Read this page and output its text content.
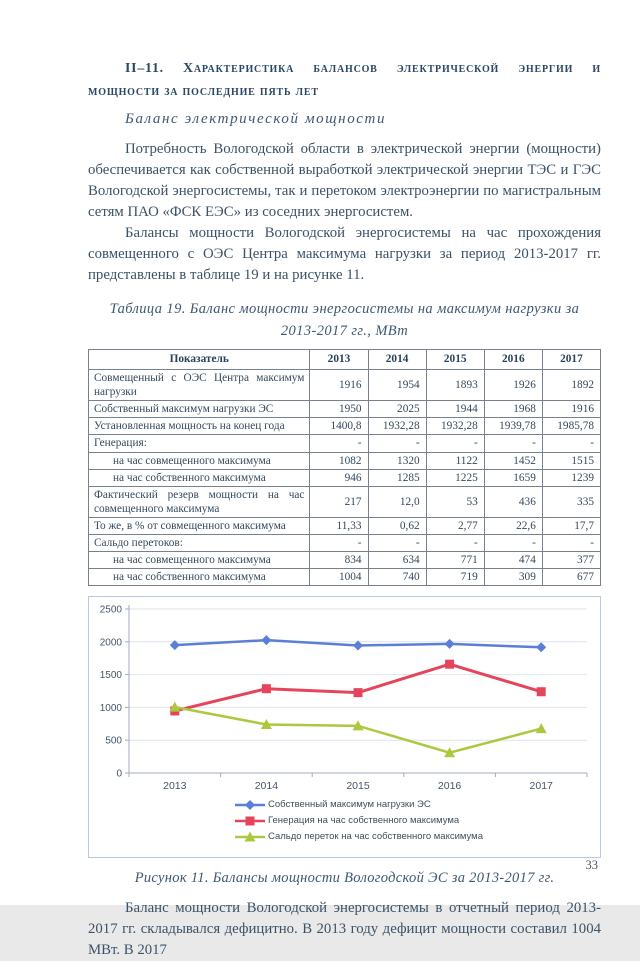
II–11. Характеристика балансов электрической энергии и мощности за последние пять лет
Баланс электрической мощности

Потребность Вологодской области в электрической энергии (мощности) обеспечивается как собственной выработкой электрической энергии ТЭС и ГЭС Вологодской энергосистемы, так и перетоком электроэнергии по магистральным сетям ПАО «ФСК ЕЭС» из соседних энергосистем.

Балансы мощности Вологодской энергосистемы на час прохождения совмещенного с ОЭС Центра максимума нагрузки за период 2013-2017 гг. представлены в таблице 19 и на рисунке 11.

Таблица 19. Баланс мощности энергосистемы на максимум нагрузки за 2013-2017 гг., МВт
Показатель	2013	2014	2015	2016	2017
Совмещенный с ОЭС Центра максимум нагрузки	1916	1954	1893	1926	1892
Собственный максимум нагрузки ЭС	1950	2025	1944	1968	1916
Установленная мощность на конец года	1400,8	1932,28	1932,28	1939,78	1985,78
Генерация:	-	-	-	-	-
на час совмещенного максимума	1082	1320	1122	1452	1515
на час собственного максимума	946	1285	1225	1659	1239
Фактический резерв мощности на час совмещенного максимума	217	12,0	53	436	335
То же, в % от совмещенного максимума	11,33	0,62	2,77	22,6	17,7
Сальдо перетоков:	-	-	-	-	-
на час совмещенного максимума	834	634	771	474	377
на час собственного максимума	1004	740	719	309	677
0
500
1000
1500
2000
2500
2013	2014	2015	2016	2017
Собственный максимум нагрузки ЭС
Генерация на час собственного максимума
Сальдо переток на час собственного максимума
Рисунок 11. Балансы мощности Вологодской ЭС за 2013-2017 гг.

Баланс мощности Вологодской энергосистемы в отчетный период 2013-2017 гг. складывался дефицитно. В 2013 году дефицит мощности составил 1004 МВт. В 2017

33
